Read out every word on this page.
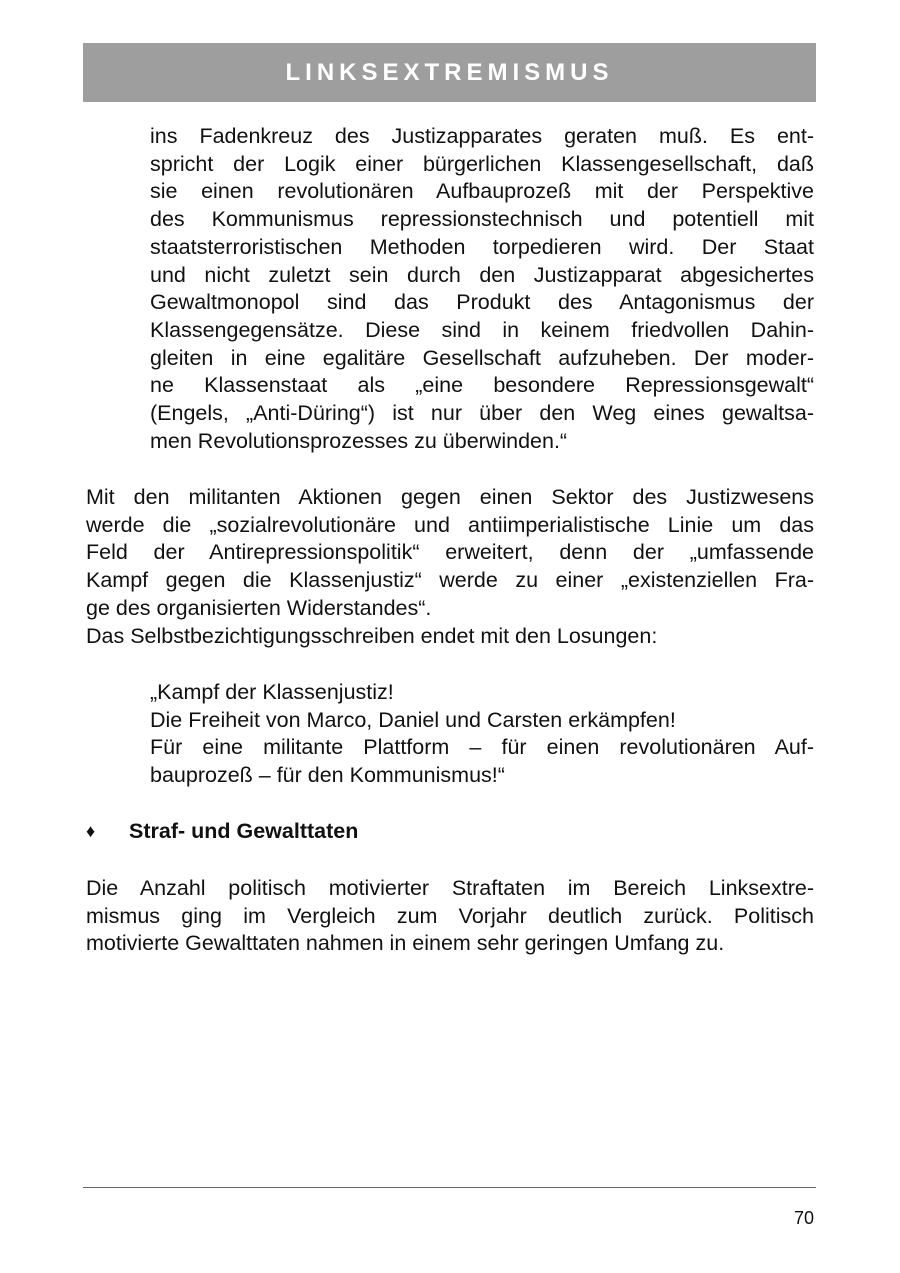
LINKSEXTREMISMUS
ins Fadenkreuz des Justizapparates geraten muß. Es ent-
spricht der Logik einer bürgerlichen Klassengesellschaft, daß
sie einen revolutionären Aufbauprozeß mit der Perspektive
des Kommunismus repressionstechnisch und potentiell mit
staatsterroristischen Methoden torpedieren wird. Der Staat
und nicht zuletzt sein durch den Justizapparat abgesichertes
Gewaltmonopol sind das Produkt des Antagonismus der
Klassengegensätze. Diese sind in keinem friedvollen Dahin-
gleiten in eine egalitäre Gesellschaft aufzuheben. Der moder-
ne Klassenstaat als „eine besondere Repressionsgewalt“
(Engels, „Anti-Düring“) ist nur über den Weg eines gewaltsa-
men Revolutionsprozesses zu überwinden.“
Mit den militanten Aktionen gegen einen Sektor des Justizwesens
werde die „sozialrevolutionäre und antiimperialistische Linie um das
Feld der Antirepressionspolitik“ erweitert, denn der „umfassende
Kampf gegen die Klassenjustiz“ werde zu einer „existenziellen Fra-
ge des organisierten Widerstandes“.
Das Selbstbezichtigungsschreiben endet mit den Losungen:
„Kampf der Klassenjustiz!
Die Freiheit von Marco, Daniel und Carsten erkämpfen!
Für eine militante Plattform – für einen revolutionären Auf-
bauprozeß – für den Kommunismus!“
♦	Straf- und Gewalttaten
Die Anzahl politisch motivierter Straftaten im Bereich Linksextre-
mismus ging im Vergleich zum Vorjahr deutlich zurück. Politisch
motivierte Gewalttaten nahmen in einem sehr geringen Umfang zu.
70
